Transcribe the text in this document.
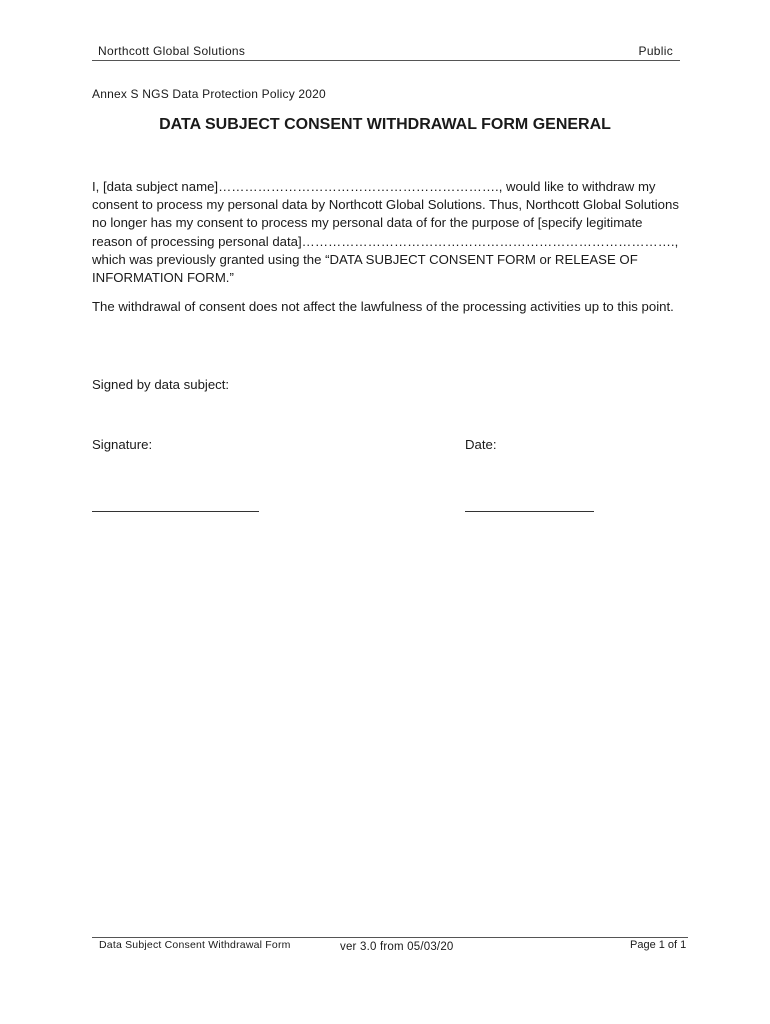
Northcott Global Solutions	Public
Annex S NGS Data Protection Policy 2020
DATA SUBJECT CONSENT WITHDRAWAL FORM GENERAL

I, [data subject name]………………………………………………………., would like to withdraw my consent to process my personal data by Northcott Global Solutions. Thus, Northcott Global Solutions no longer has my consent to process my personal data of for the purpose of [specify legitimate reason of processing personal data]…………………………………………………………………………., which was previously granted using the “DATA SUBJECT CONSENT FORM or RELEASE OF INFORMATION FORM.”

The withdrawal of consent does not affect the lawfulness of the processing activities up to this point.

Signed by data subject:
Signature:	Date:
Data Subject Consent Withdrawal Form	ver 3.0 from 05/03/20	Page 1 of 1
